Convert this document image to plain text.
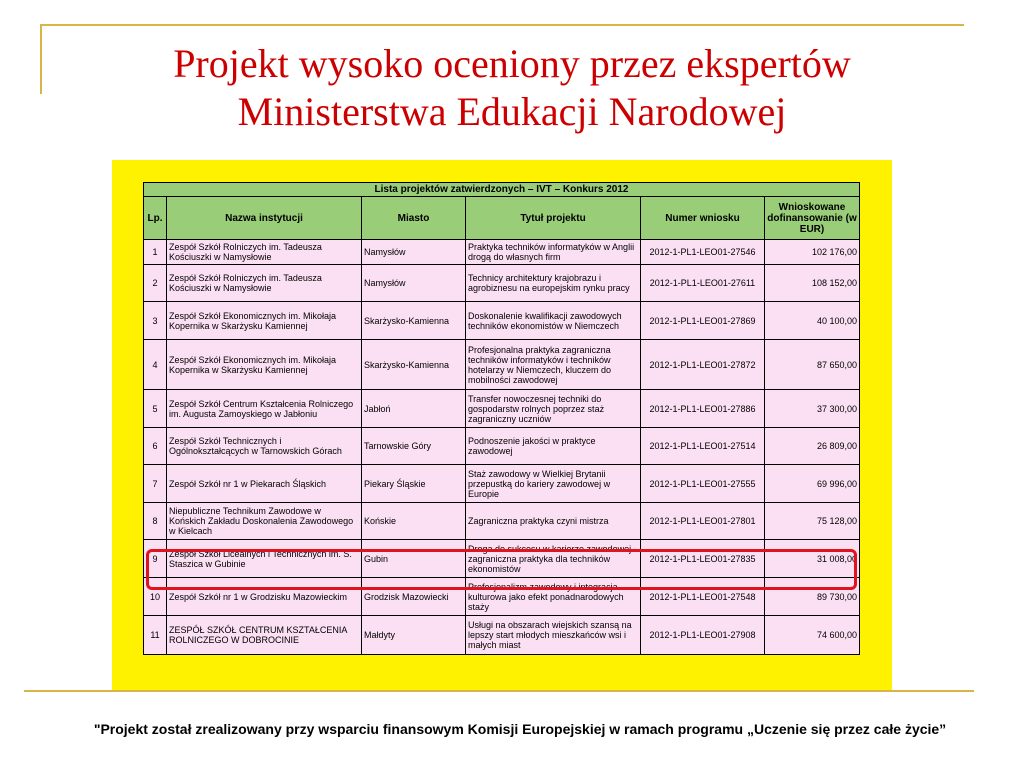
Projekt wysoko oceniony przez ekspertów
Ministerstwa Edukacji Narodowej
Lista projektów zatwierdzonych – IVT – Konkurs 2012					
Lp.	Nazwa instytucji	Miasto	Tytuł projektu	Numer wniosku	Wnioskowane dofinansowanie (w EUR)
1	Zespół Szkół Rolniczych im. Tadeusza Kościuszki w Namysłowie	Namysłów	Praktyka techników informatyków w Anglii drogą do własnych firm	2012-1-PL1-LEO01-27546	102 176,00
2	Zespół Szkół Rolniczych im. Tadeusza Kościuszki w Namysłowie	Namysłów	Technicy architektury krajobrazu i agrobiznesu na europejskim rynku pracy	2012-1-PL1-LEO01-27611	108 152,00
3	Zespół Szkół Ekonomicznych im. Mikołaja Kopernika w Skarżysku Kamiennej	Skarżysko-Kamienna	Doskonalenie kwalifikacji zawodowych techników ekonomistów w Niemczech	2012-1-PL1-LEO01-27869	40 100,00
4	Zespół Szkół Ekonomicznych im. Mikołaja Kopernika w Skarżysku Kamiennej	Skarżysko-Kamienna	Profesjonalna praktyka zagraniczna techników informatyków i techników hotelarzy w Niemczech, kluczem do mobilności zawodowej	2012-1-PL1-LEO01-27872	87 650,00
5	Zespół Szkół Centrum Kształcenia Rolniczego im. Augusta Zamoyskiego w Jabłoniu	Jabłoń	Transfer nowoczesnej techniki do gospodarstw rolnych poprzez staż zagraniczny uczniów	2012-1-PL1-LEO01-27886	37 300,00
6	Zespół Szkół Technicznych i Ogólnokształcących w Tarnowskich Górach	Tarnowskie Góry	Podnoszenie jakości w praktyce zawodowej	2012-1-PL1-LEO01-27514	26 809,00
7	Zespół Szkół nr 1 w Piekarach Śląskich	Piekary Śląskie	Staż zawodowy w Wielkiej Brytanii przepustką do kariery zawodowej w Europie	2012-1-PL1-LEO01-27555	69 996,00
8	Niepubliczne Technikum Zawodowe w Końskich Zakładu Doskonalenia Zawodowego w Kielcach	Końskie	Zagraniczna praktyka czyni mistrza	2012-1-PL1-LEO01-27801	75 128,00
9	Zespół Szkół Licealnych i Technicznych im. S. Staszica w Gubinie	Gubin	Droga do sukcesu w karierze zawodowej - zagraniczna praktyka dla techników ekonomistów	2012-1-PL1-LEO01-27835	31 008,00
10	Zespół Szkół nr 1 w Grodzisku Mazowieckim	Grodzisk Mazowiecki	Profesjonalizm zawodowy i integracja kulturowa jako efekt ponadnarodowych staży	2012-1-PL1-LEO01-27548	89 730,00
11	ZESPÓŁ SZKÓŁ CENTRUM KSZTAŁCENIA ROLNICZEGO W DOBROCINIE	Małdyty	Usługi na obszarach wiejskich szansą na lepszy start młodych mieszkańców wsi i małych miast	2012-1-PL1-LEO01-27908	74 600,00
"Projekt został zrealizowany przy wsparciu finansowym Komisji Europejskiej w ramach programu „Uczenie się przez całe życie”
